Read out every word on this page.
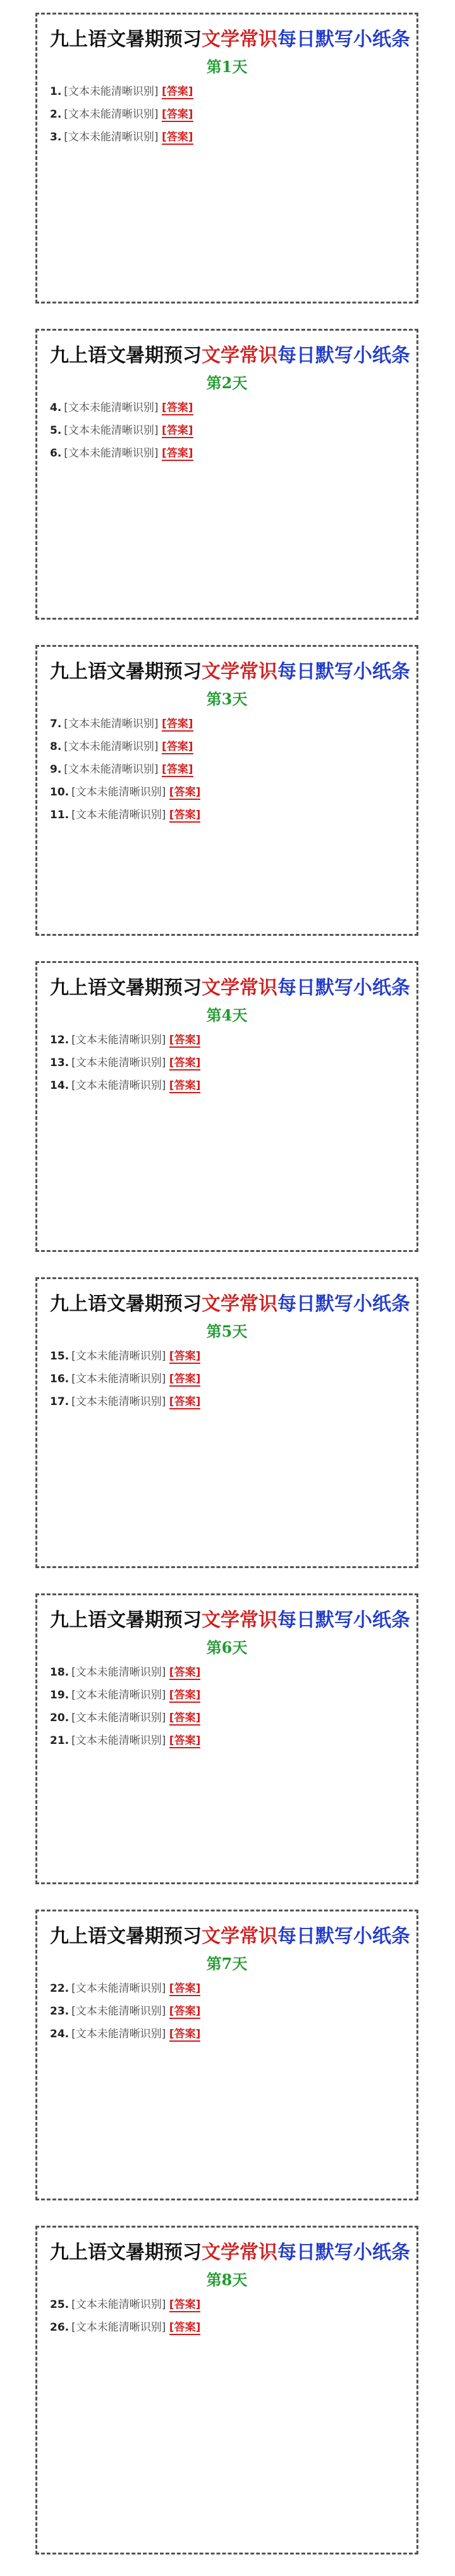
九上语文暑期预习文学常识每日默写小纸条
第1天
1. [文本未能清晰识别] [答案]
2. [文本未能清晰识别] [答案]
3. [文本未能清晰识别] [答案]
九上语文暑期预习文学常识每日默写小纸条
第2天
4. [文本未能清晰识别] [答案]
5. [文本未能清晰识别] [答案]
6. [文本未能清晰识别] [答案]
九上语文暑期预习文学常识每日默写小纸条
第3天
7. [文本未能清晰识别] [答案]
8. [文本未能清晰识别] [答案]
9. [文本未能清晰识别] [答案]
10. [文本未能清晰识别] [答案]
11. [文本未能清晰识别] [答案]
九上语文暑期预习文学常识每日默写小纸条
第4天
12. [文本未能清晰识别] [答案]
13. [文本未能清晰识别] [答案]
14. [文本未能清晰识别] [答案]
九上语文暑期预习文学常识每日默写小纸条
第5天
15. [文本未能清晰识别] [答案]
16. [文本未能清晰识别] [答案]
17. [文本未能清晰识别] [答案]
九上语文暑期预习文学常识每日默写小纸条
第6天
18. [文本未能清晰识别] [答案]
19. [文本未能清晰识别] [答案]
20. [文本未能清晰识别] [答案]
21. [文本未能清晰识别] [答案]
九上语文暑期预习文学常识每日默写小纸条
第7天
22. [文本未能清晰识别] [答案]
23. [文本未能清晰识别] [答案]
24. [文本未能清晰识别] [答案]
九上语文暑期预习文学常识每日默写小纸条
第8天
25. [文本未能清晰识别] [答案]
26. [文本未能清晰识别] [答案]
